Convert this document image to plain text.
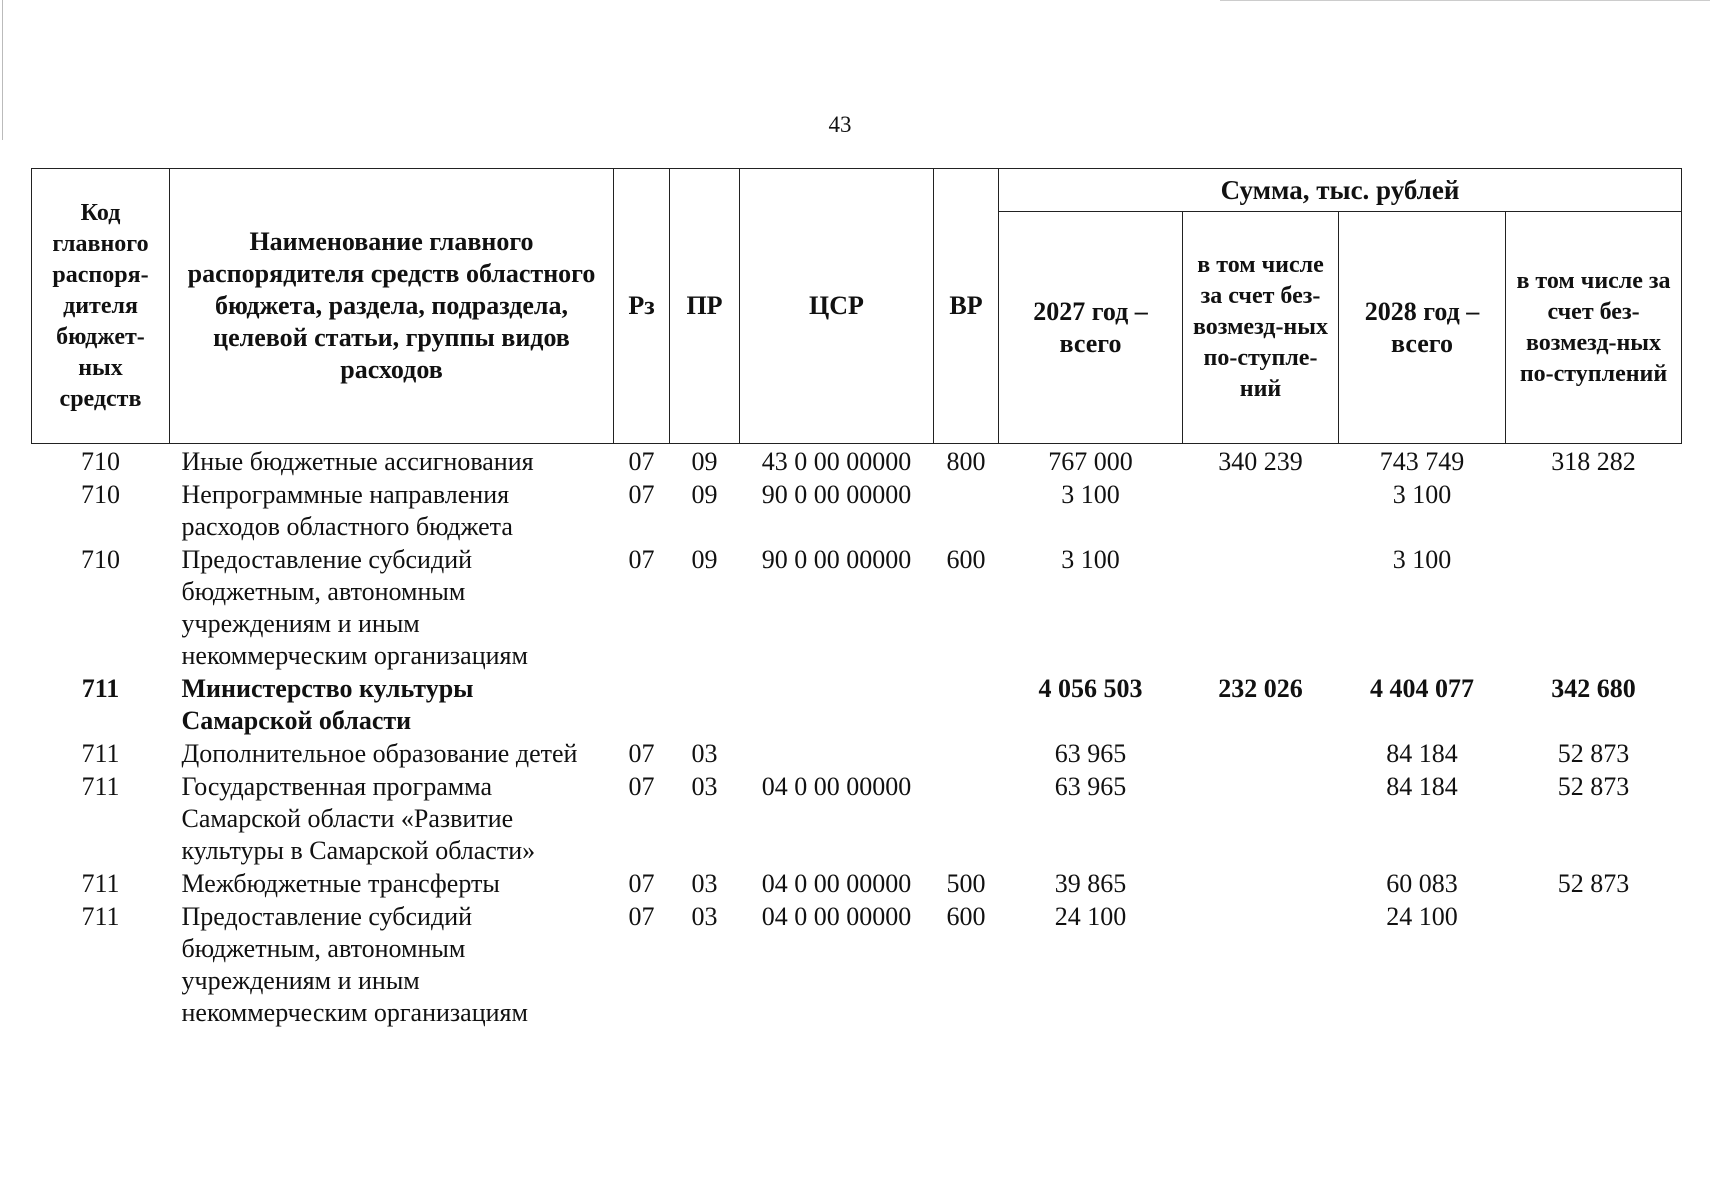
43
Код главного распоря-дителя бюджет-ных средств	Наименование главного распорядителя средств областного бюджета, раздела, подраздела, целевой статьи, группы видов расходов	Рз	ПР	ЦСР	ВР	Сумма, тыс. рублей			
						2027 год – всего	в том числе за счет без-возмезд-ных по-ступле-ний	2028 год – всего	в том числе за счет без-возмезд-ных по-ступлений
710	Иные бюджетные ассигнования	07	09	43 0 00 00000	800	767 000	340 239	743 749	318 282
710	Непрограммные направления расходов областного бюджета	07	09	90 0 00 00000		3 100		3 100	
710	Предоставление субсидий бюджетным, автономным учреждениям и иным некоммерческим организациям	07	09	90 0 00 00000	600	3 100		3 100	
711	Министерство культуры Самарской области					4 056 503	232 026	4 404 077	342 680
711	Дополнительное образование детей	07	03			63 965		84 184	52 873
711	Государственная программа Самарской области «Развитие культуры в Самарской области»	07	03	04 0 00 00000		63 965		84 184	52 873
711	Межбюджетные трансферты	07	03	04 0 00 00000	500	39 865		60 083	52 873
711	Предоставление субсидий бюджетным, автономным учреждениям и иным некоммерческим организациям	07	03	04 0 00 00000	600	24 100		24 100	
